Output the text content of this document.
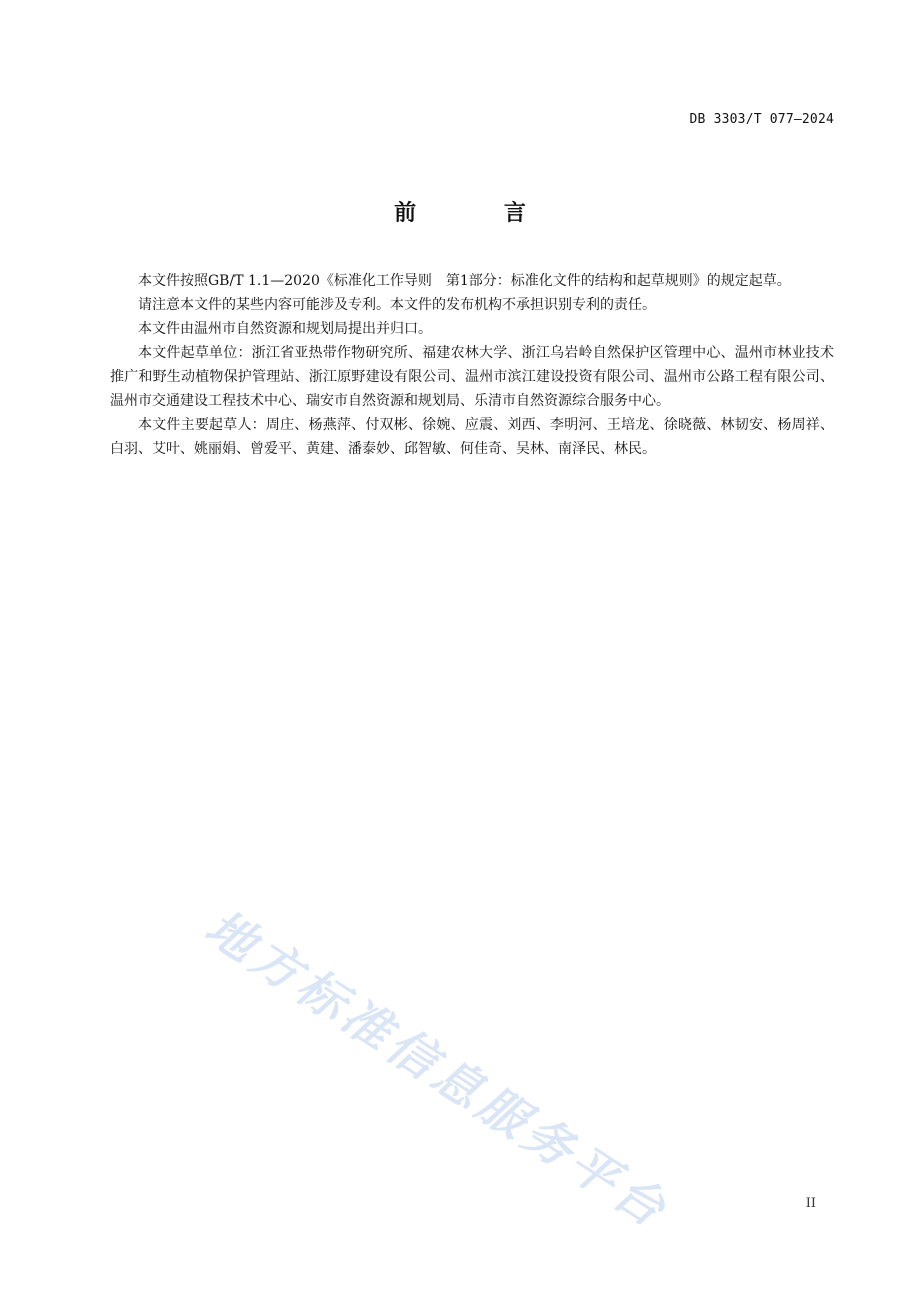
DB 3303/T 077—2024
前 言

本文件按照GB/T 1.1—2020《标准化工作导则　第1部分：标准化文件的结构和起草规则》的规定起草。

请注意本文件的某些内容可能涉及专利。本文件的发布机构不承担识别专利的责任。

本文件由温州市自然资源和规划局提出并归口。

本文件起草单位：浙江省亚热带作物研究所、福建农林大学、浙江乌岩岭自然保护区管理中心、温州市林业技术推广和野生动植物保护管理站、浙江原野建设有限公司、温州市滨江建设投资有限公司、温州市公路工程有限公司、温州市交通建设工程技术中心、瑞安市自然资源和规划局、乐清市自然资源综合服务中心。

本文件主要起草人：周庄、杨燕萍、付双彬、徐婉、应震、刘西、李明河、王培龙、徐晓薇、林韧安、杨周祥、白羽、艾叶、姚丽娟、曾爱平、黄建、潘泰妙、邱智敏、何佳奇、吴林、南泽民、林民。

地方标准信息服务平台	II
